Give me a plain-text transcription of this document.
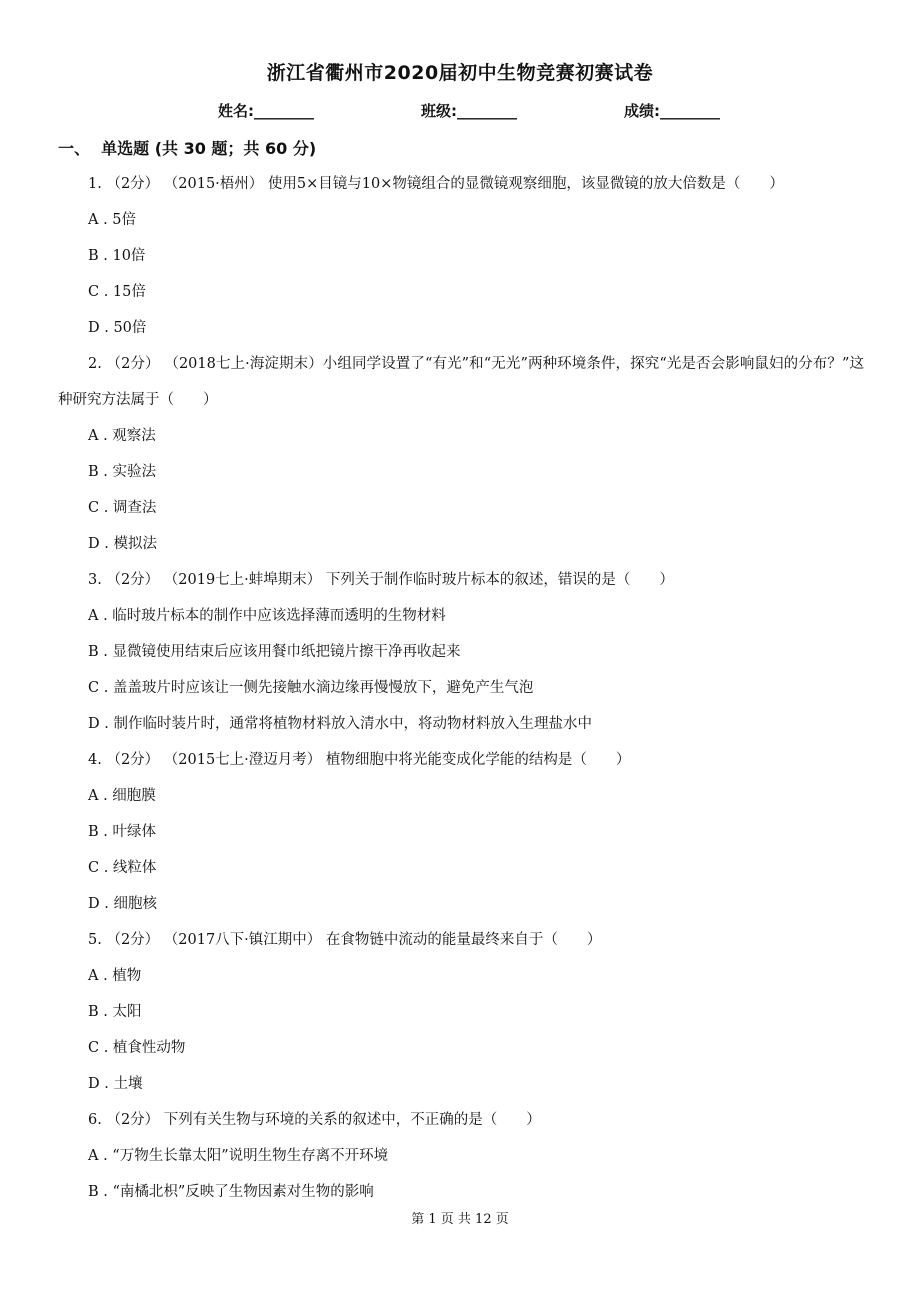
浙江省衢州市2020届初中生物竞赛初赛试卷
姓名:________	班级:________	成绩:________
一、  单选题 (共 30 题；共 60 分)

1. （2分） （2015·梧州） 使用5×目镜与10×物镜组合的显微镜观察细胞，该显微镜的放大倍数是（　　）

A . 5倍

B . 10倍

C . 15倍

D . 50倍

2. （2分） （2018七上·海淀期末）小组同学设置了“有光”和“无光”两种环境条件，探究“光是否会影响鼠妇的分布？”这种研究方法属于（　　）

A . 观察法

B . 实验法

C . 调查法

D . 模拟法

3. （2分） （2019七上·蚌埠期末） 下列关于制作临时玻片标本的叙述，错误的是（　　）

A . 临时玻片标本的制作中应该选择薄而透明的生物材料

B . 显微镜使用结束后应该用餐巾纸把镜片擦干净再收起来

C . 盖盖玻片时应该让一侧先接触水滴边缘再慢慢放下，避免产生气泡

D . 制作临时装片时，通常将植物材料放入清水中，将动物材料放入生理盐水中

4. （2分） （2015七上·澄迈月考） 植物细胞中将光能变成化学能的结构是（　　）

A . 细胞膜

B . 叶绿体

C . 线粒体

D . 细胞核

5. （2分） （2017八下·镇江期中） 在食物链中流动的能量最终来自于（　　）

A . 植物

B . 太阳

C . 植食性动物

D . 土壤

6. （2分） 下列有关生物与环境的关系的叙述中，不正确的是（　　）

A . “万物生长靠太阳”说明生物生存离不开环境

B . “南橘北枳”反映了生物因素对生物的影响

第 1 页 共 12 页
